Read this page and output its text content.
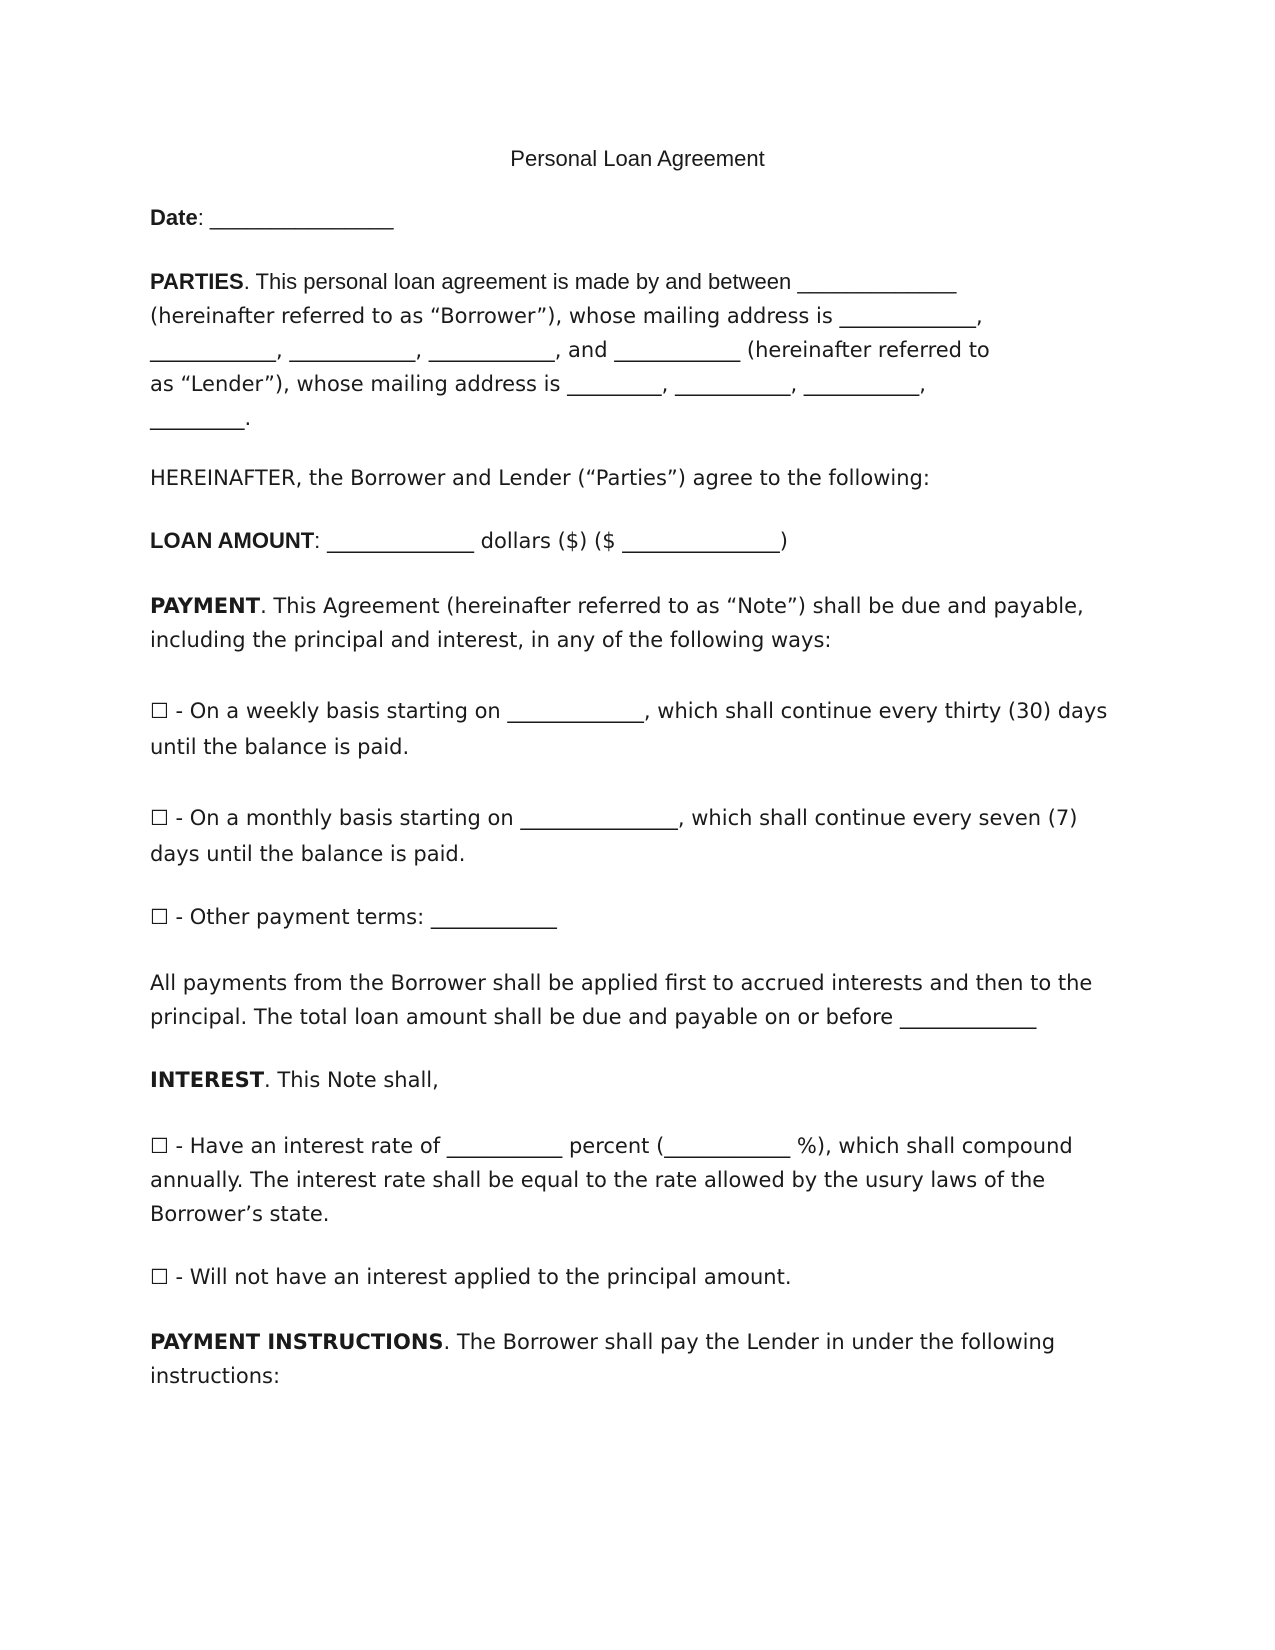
Personal Loan Agreement

Date: _______________

PARTIES. This personal loan agreement is made by and between _____________
(hereinafter referred to as “Borrower”), whose mailing address is _____________,
____________, ____________, ____________, and ____________ (hereinafter referred to
as “Lender”), whose mailing address is _________, ___________, ___________,
_________.

HEREINAFTER, the Borrower and Lender (“Parties”) agree to the following:

LOAN AMOUNT: ______________ dollars ($) ($ _______________)

PAYMENT. This Agreement (hereinafter referred to as “Note”) shall be due and payable,
including the principal and interest, in any of the following ways:
☐ - On a weekly basis starting on _____________, which shall continue every thirty (30) days
until the balance is paid.
☐ - On a monthly basis starting on _______________, which shall continue every seven (7)
days until the balance is paid.

☐ - Other payment terms: ____________

All payments from the Borrower shall be applied first to accrued interests and then to the
principal. The total loan amount shall be due and payable on or before _____________

INTEREST. This Note shall,

☐ - Have an interest rate of ___________ percent (____________ %), which shall compound
annually. The interest rate shall be equal to the rate allowed by the usury laws of the
Borrower’s state.

☐ - Will not have an interest applied to the principal amount.

PAYMENT INSTRUCTIONS. The Borrower shall pay the Lender in under the following
instructions:
